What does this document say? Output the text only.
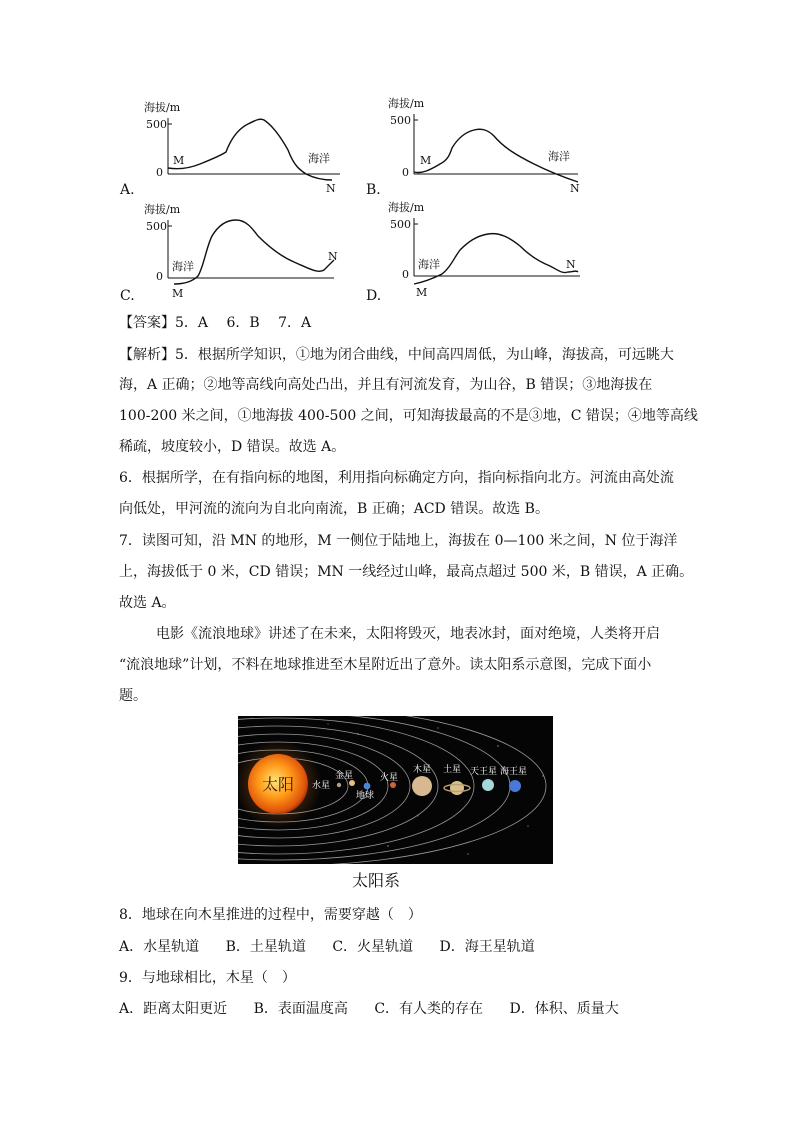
海拔/m
500
0
M	海洋
N
A.
海拔/m
500
0
M	海洋
N
B.
海拔/m
500
0
海洋
M
N
C.
海拔/m
500
0
海洋
M
N
D.
【答案】5．A　 6．B　 7．A
【解析】5．根据所学知识，①地为闭合曲线，中间高四周低，为山峰，海拔高，可远眺大
海，A 正确；②地等高线向高处凸出，并且有河流发育，为山谷，B 错误；③地海拔在
100-200 米之间，①地海拔 400-500 之间，可知海拔最高的不是③地，C 错误；④地等高线
稀疏，坡度较小，D 错误。故选 A。
6．根据所学，在有指向标的地图，利用指向标确定方向，指向标指向北方。河流由高处流
向低处，甲河流的流向为自北向南流，B 正确；ACD 错误。故选 B。
7．读图可知，沿 MN 的地形，M 一侧位于陆地上，海拔在 0—100 米之间，N 位于海洋
上，海拔低于 0 米，CD 错误；MN 一线经过山峰，最高点超过 500 米，B 错误，A 正确。
故选 A。
电影《流浪地球》讲述了在未来，太阳将毁灭，地表冰封，面对绝境，人类将开启
“流浪地球”计划，不料在地球推进至木星附近出了意外。读太阳系示意图，完成下面小
题。
太阳 水星
金星
地球
火星
木星 土星 天王星 海王星
太阳系
8．地球在向木星推进的过程中，需要穿越（　）
A．水星轨道 B．土星轨道 C．火星轨道 D．海王星轨道
9．与地球相比，木星（　）
A．距离太阳更近 B．表面温度高 C．有人类的存在 D．体积、质量大
